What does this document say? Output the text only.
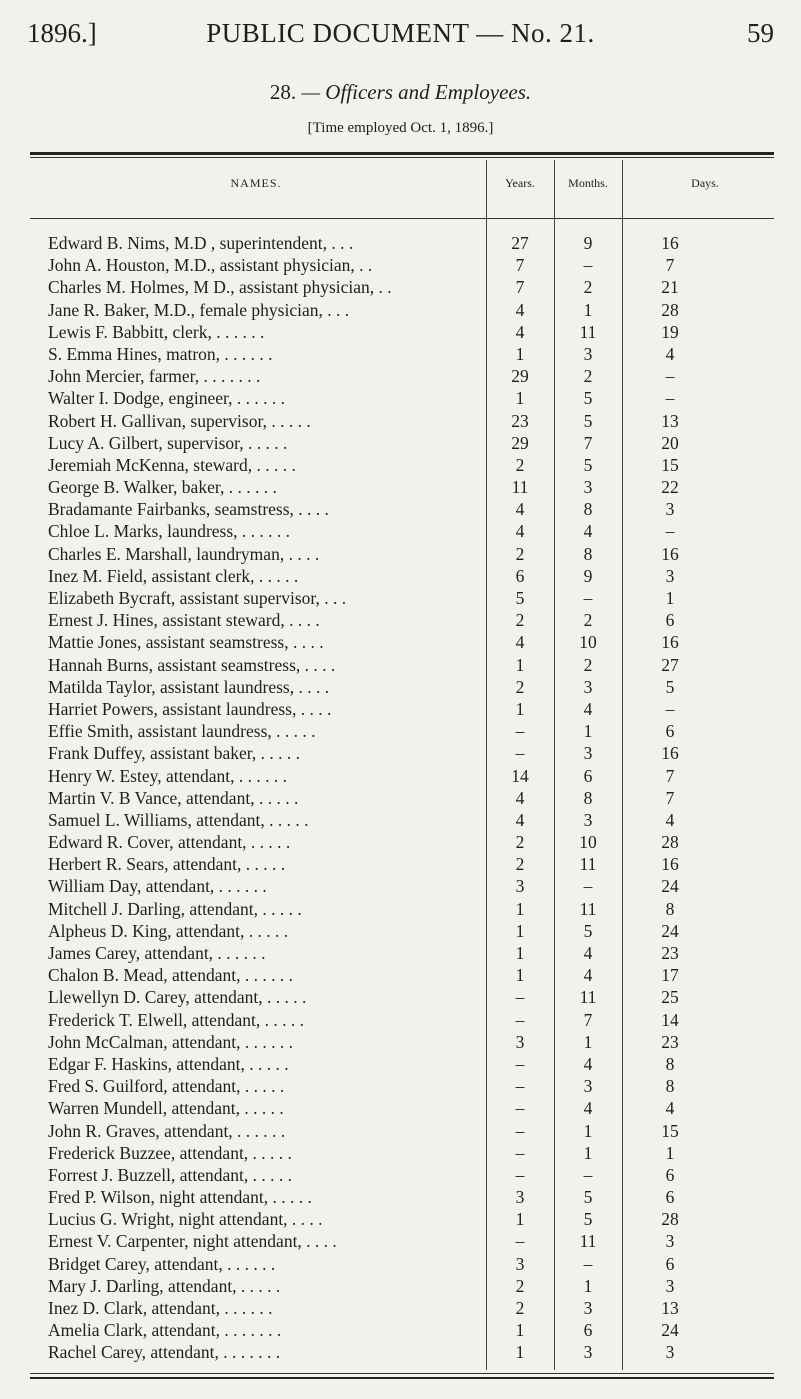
1896.]	PUBLIC DOCUMENT — No. 21.	59
28. — Officers and Employees.
[Time employed Oct. 1, 1896.]
NAMES.	Years.	Months.	Days.
Edward B. Nims, M.D , superintendent, . . .	27	9	16
John A. Houston, M.D., assistant physician, . .	7	–	7
Charles M. Holmes, M D., assistant physician, . .	7	2	21
Jane R. Baker, M.D., female physician, . . .	4	1	28
Lewis F. Babbitt, clerk, . . . . . .	4	11	19
S. Emma Hines, matron, . . . . . .	1	3	4
John Mercier, farmer, . . . . . . .	29	2	–
Walter I. Dodge, engineer, . . . . . .	1	5	–
Robert H. Gallivan, supervisor, . . . . .	23	5	13
Lucy A. Gilbert, supervisor, . . . . .	29	7	20
Jeremiah McKenna, steward, . . . . .	2	5	15
George B. Walker, baker, . . . . . .	11	3	22
Bradamante Fairbanks, seamstress, . . . .	4	8	3
Chloe L. Marks, laundress, . . . . . .	4	4	–
Charles E. Marshall, laundryman, . . . .	2	8	16
Inez M. Field, assistant clerk, . . . . .	6	9	3
Elizabeth Bycraft, assistant supervisor, . . .	5	–	1
Ernest J. Hines, assistant steward, . . . .	2	2	6
Mattie Jones, assistant seamstress, . . . .	4	10	16
Hannah Burns, assistant seamstress, . . . .	1	2	27
Matilda Taylor, assistant laundress, . . . .	2	3	5
Harriet Powers, assistant laundress, . . . .	1	4	–
Effie Smith, assistant laundress, . . . . .	–	1	6
Frank Duffey, assistant baker, . . . . .	–	3	16
Henry W. Estey, attendant, . . . . . .	14	6	7
Martin V. B Vance, attendant, . . . . .	4	8	7
Samuel L. Williams, attendant, . . . . .	4	3	4
Edward R. Cover, attendant, . . . . .	2	10	28
Herbert R. Sears, attendant, . . . . .	2	11	16
William Day, attendant, . . . . . .	3	–	24
Mitchell J. Darling, attendant, . . . . .	1	11	8
Alpheus D. King, attendant, . . . . .	1	5	24
James Carey, attendant, . . . . . .	1	4	23
Chalon B. Mead, attendant, . . . . . .	1	4	17
Llewellyn D. Carey, attendant, . . . . .	–	11	25
Frederick T. Elwell, attendant, . . . . .	–	7	14
John McCalman, attendant, . . . . . .	3	1	23
Edgar F. Haskins, attendant, . . . . .	–	4	8
Fred S. Guilford, attendant, . . . . .	–	3	8
Warren Mundell, attendant, . . . . .	–	4	4
John R. Graves, attendant, . . . . . .	–	1	15
Frederick Buzzee, attendant, . . . . .	–	1	1
Forrest J. Buzzell, attendant, . . . . .	–	–	6
Fred P. Wilson, night attendant, . . . . .	3	5	6
Lucius G. Wright, night attendant, . . . .	1	5	28
Ernest V. Carpenter, night attendant, . . . .	–	11	3
Bridget Carey, attendant, . . . . . .	3	–	6
Mary J. Darling, attendant, . . . . .	2	1	3
Inez D. Clark, attendant, . . . . . .	2	3	13
Amelia Clark, attendant, . . . . . . .	1	6	24
Rachel Carey, attendant, . . . . . . .	1	3	3
